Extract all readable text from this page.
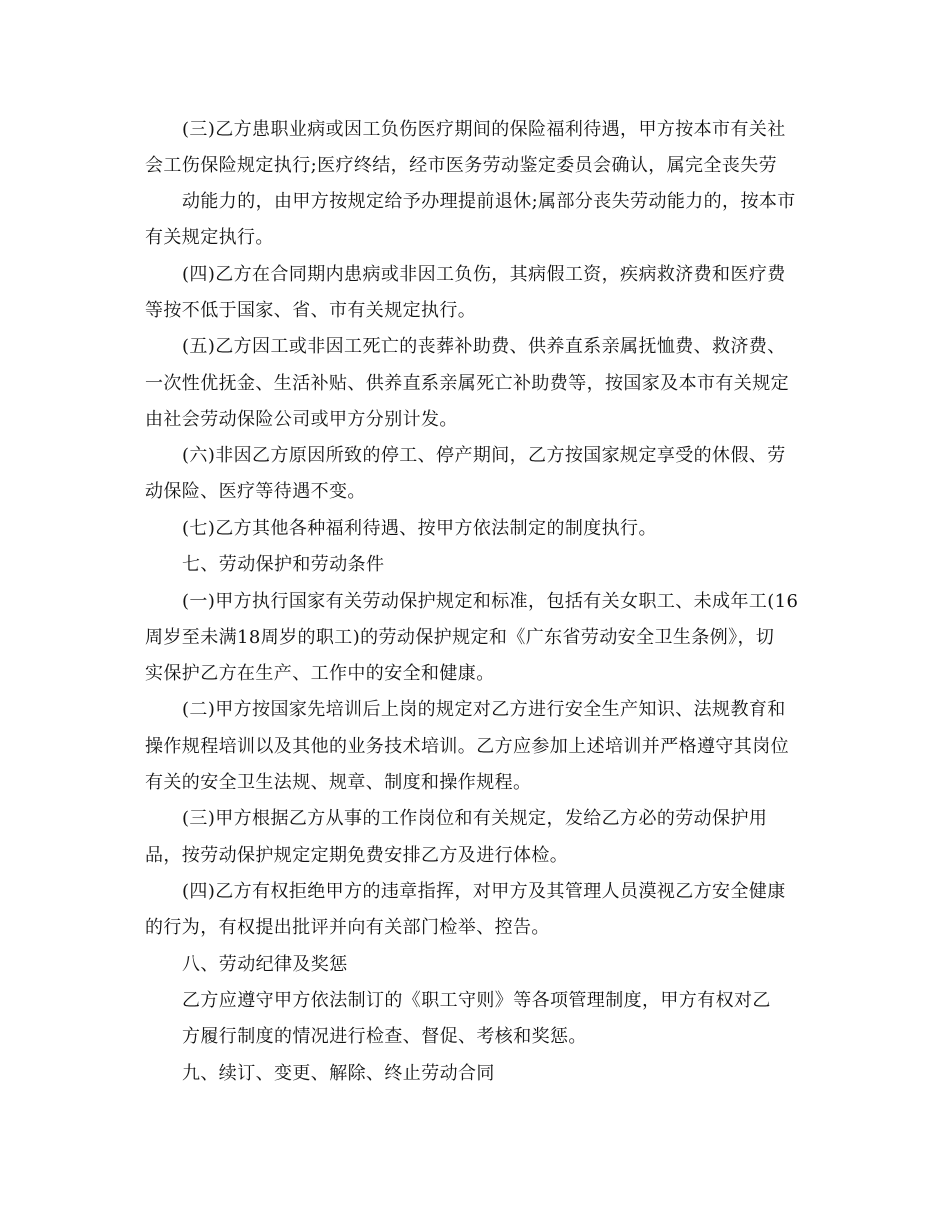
(三)乙方患职业病或因工负伤医疗期间的保险福利待遇，甲方按本市有关社
会工伤保险规定执行;医疗终结，经市医务劳动鉴定委员会确认，属完全丧失劳
动能力的，由甲方按规定给予办理提前退休;属部分丧失劳动能力的，按本市
有关规定执行。
(四)乙方在合同期内患病或非因工负伤，其病假工资，疾病救济费和医疗费
等按不低于国家、省、市有关规定执行。
(五)乙方因工或非因工死亡的丧葬补助费、供养直系亲属抚恤费、救济费、
一次性优抚金、生活补贴、供养直系亲属死亡补助费等，按国家及本市有关规定
由社会劳动保险公司或甲方分别计发。
(六)非因乙方原因所致的停工、停产期间，乙方按国家规定享受的休假、劳
动保险、医疗等待遇不变。
(七)乙方其他各种福利待遇、按甲方依法制定的制度执行。
七、劳动保护和劳动条件
(一)甲方执行国家有关劳动保护规定和标准，包括有关女职工、未成年工(16
周岁至未满18周岁的职工)的劳动保护规定和《广东省劳动安全卫生条例》，切
实保护乙方在生产、工作中的安全和健康。
(二)甲方按国家先培训后上岗的规定对乙方进行安全生产知识、法规教育和
操作规程培训以及其他的业务技术培训。乙方应参加上述培训并严格遵守其岗位
有关的安全卫生法规、规章、制度和操作规程。
(三)甲方根据乙方从事的工作岗位和有关规定，发给乙方必的劳动保护用
品，按劳动保护规定定期免费安排乙方及进行体检。
(四)乙方有权拒绝甲方的违章指挥，对甲方及其管理人员漠视乙方安全健康
的行为，有权提出批评并向有关部门检举、控告。
八、劳动纪律及奖惩
乙方应遵守甲方依法制订的《职工守则》等各项管理制度，甲方有权对乙
方履行制度的情况进行检查、督促、考核和奖惩。
九、续订、变更、解除、终止劳动合同
